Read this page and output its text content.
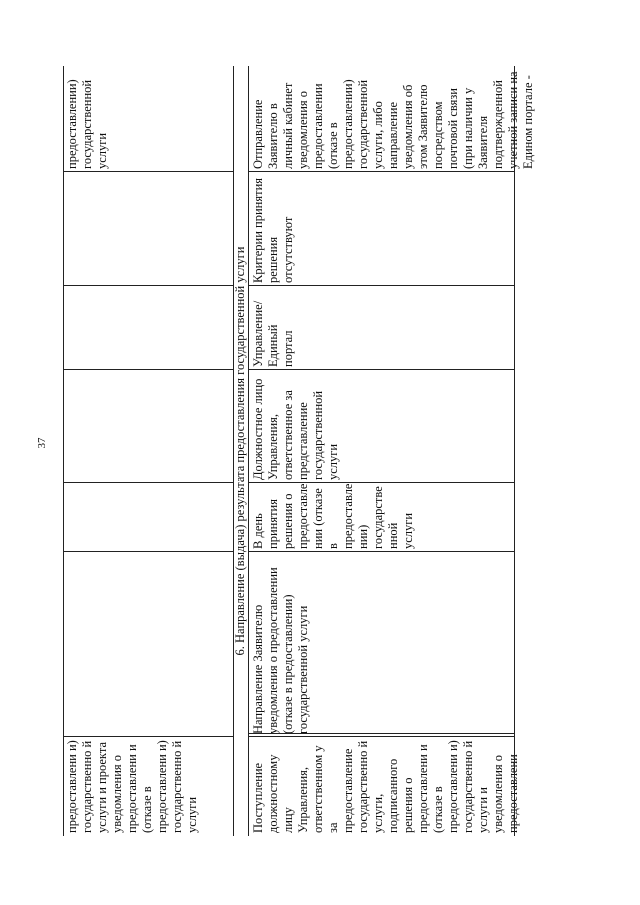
37
предоставлени и) государственно й услуги и проекта уведомления о предоставлени и (отказе в предоставлени и) государственно й услуги
предоставлении) государственной услуги
6. Направление (выдача) результата предоставления государственной услуги
Поступление должностному лицу Управления, ответственном у за предоставление государственно й услуги, подписанного решения о предоставлени и (отказе в предоставлени и) государственно й услуги и уведомления о предоставлени
Направление Заявителю уведомления о предоставлении (отказе в предоставлении) государственной услуги
В день принятия решения о предоставле нии (отказе в предоставле нии) государстве нной услуги
Должностное лицо Управления, ответственное за представление государственной услуги
Управление/ Единый портал
Критерии принятия решения отсутствуют
Отправление Заявителю в личный кабинет уведомления о предоставлении (отказе в предоставлении) государственной услуги, либо направление уведомления об этом Заявителю посредством почтовой связи (при наличии у Заявителя подтвержденной учетной записи на Едином портале -
